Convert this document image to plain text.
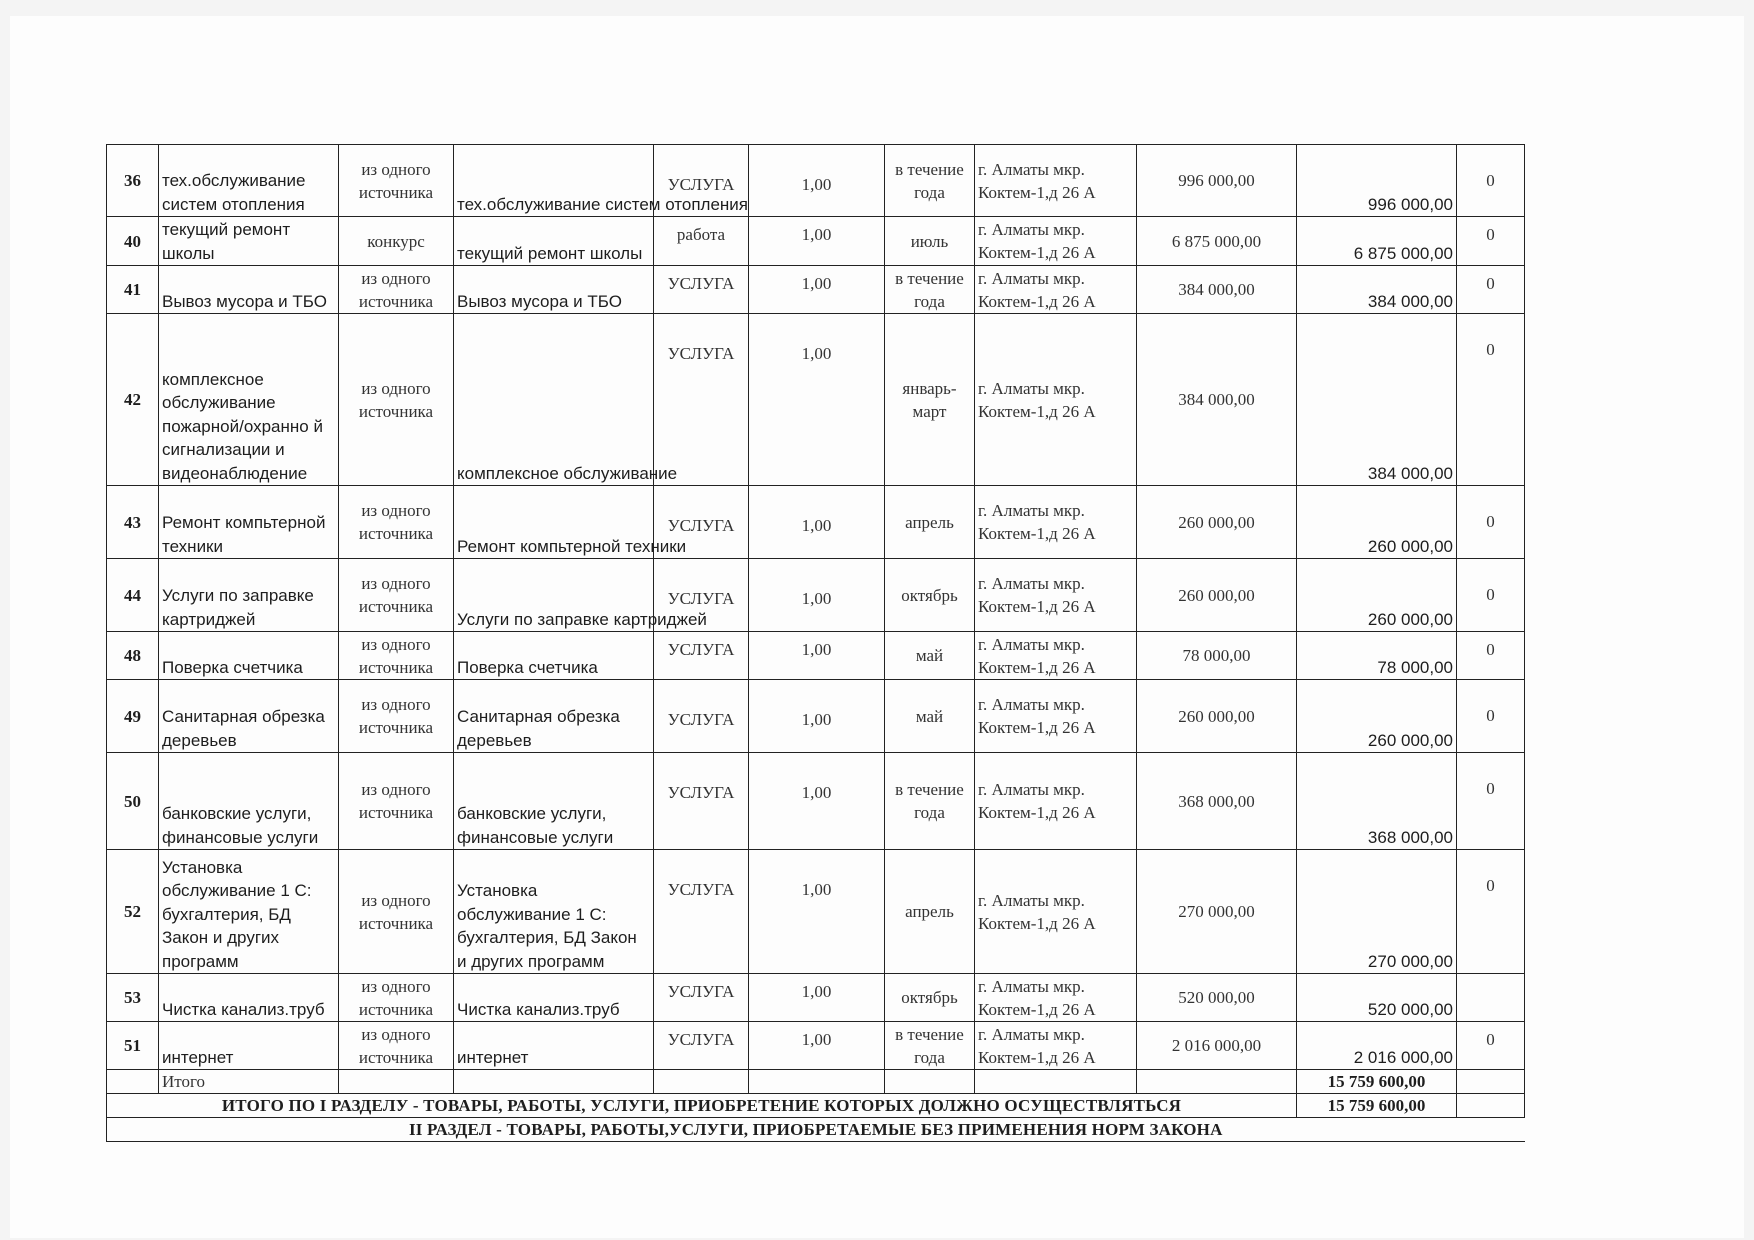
36	тех.обслуживание систем отопления	из одного источника	тех.обслуживание систем отопления	УСЛУГА	1,00	в течение года	г. Алматы мкр. Коктем-1,д 26 А	996 000,00	996 000,00	0
40	текущий ремонт школы	конкурс	текущий ремонт школы	работа	1,00	июль	г. Алматы мкр. Коктем-1,д 26 А	6 875 000,00	6 875 000,00	0
41	Вывоз мусора и ТБО	из одного источника	Вывоз мусора и ТБО	УСЛУГА	1,00	в течение года	г. Алматы мкр. Коктем-1,д 26 А	384 000,00	384 000,00	0
42	комплексное обслуживание пожарной/охранно й сигнализации и видеонаблюдение	из одного источника	комплексное обслуживание	УСЛУГА	1,00	январь-март	г. Алматы мкр. Коктем-1,д 26 А	384 000,00	384 000,00	0
43	Ремонт компьтерной техники	из одного источника	Ремонт компьтерной техники	УСЛУГА	1,00	апрель	г. Алматы мкр. Коктем-1,д 26 А	260 000,00	260 000,00	0
44	Услуги по заправке картриджей	из одного источника	Услуги по заправке картриджей	УСЛУГА	1,00	октябрь	г. Алматы мкр. Коктем-1,д 26 А	260 000,00	260 000,00	0
48	Поверка счетчика	из одного источника	Поверка счетчика	УСЛУГА	1,00	май	г. Алматы мкр. Коктем-1,д 26 А	78 000,00	78 000,00	0
49	Санитарная обрезка деревьев	из одного источника	Санитарная обрезка деревьев	УСЛУГА	1,00	май	г. Алматы мкр. Коктем-1,д 26 А	260 000,00	260 000,00	0
50	банковские услуги, финансовые услуги	из одного источника	банковские услуги, финансовые услуги	УСЛУГА	1,00	в течение года	г. Алматы мкр. Коктем-1,д 26 А	368 000,00	368 000,00	0
52	Установка обслуживание 1 С: бухгалтерия, БД Закон и других программ	из одного источника	Установка обслуживание 1 С: бухгалтерия, БД Закон и других программ	УСЛУГА	1,00	апрель	г. Алматы мкр. Коктем-1,д 26 А	270 000,00	270 000,00	0
53	Чистка канализ.труб	из одного источника	Чистка канализ.труб	УСЛУГА	1,00	октябрь	г. Алматы мкр. Коктем-1,д 26 А	520 000,00	520 000,00	
51	интернет	из одного источника	интернет	УСЛУГА	1,00	в течение года	г. Алматы мкр. Коктем-1,д 26 А	2 016 000,00	2 016 000,00	0
	Итого								15 759 600,00	
ИТОГО ПО I РАЗДЕЛУ - ТОВАРЫ, РАБОТЫ, УСЛУГИ, ПРИОБРЕТЕНИЕ КОТОРЫХ ДОЛЖНО ОСУЩЕСТВЛЯТЬСЯ									15 759 600,00	
II РАЗДЕЛ - ТОВАРЫ, РАБОТЫ,УСЛУГИ, ПРИОБРЕТАЕМЫЕ БЕЗ ПРИМЕНЕНИЯ НОРМ ЗАКОНА										
